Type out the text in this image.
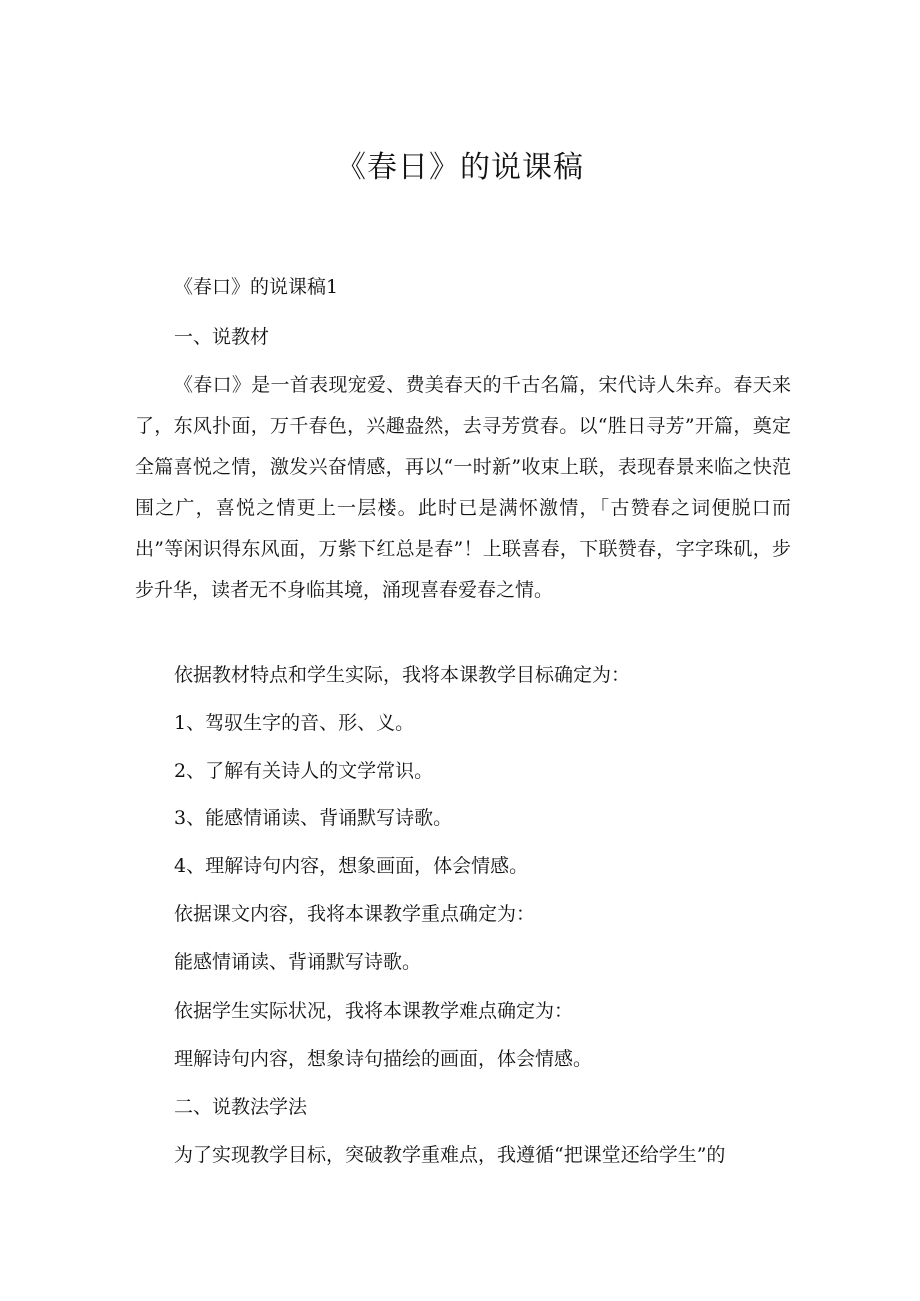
《春日》的说课稿

《春口》的说课稿1

一、说教材

《春口》是一首表现宠爱、费美春天的千古名篇，宋代诗人朱弃。春天来了，东风扑面，万千春色，兴趣盎然，去寻芳赏春。以“胜日寻芳”开篇，奠定全篇喜悦之情，激发兴奋情感，再以“一时新”收束上联，表现春景来临之快范围之广，喜悦之情更上一层楼。此时已是满怀激情，「古赞春之词便脱口而出”等闲识得东风面，万紫下红总是春”！上联喜春，下联赞春，字字珠矶，步步升华，读者无不身临其境，涌现喜春爱春之情。

依据教材特点和学生实际，我将本课教学目标确定为：

1、驾驭生字的音、形、义。

2、了解有关诗人的文学常识。

3、能感情诵读、背诵默写诗歌。

4、理解诗句内容，想象画面，体会情感。

依据课文内容，我将本课教学重点确定为：

能感情诵读、背诵默写诗歌。

依据学生实际状况，我将本课教学难点确定为：

理解诗句内容，想象诗句描绘的画面，体会情感。

二、说教法学法

为了实现教学目标，突破教学重难点，我遵循“把课堂还给学生”的
